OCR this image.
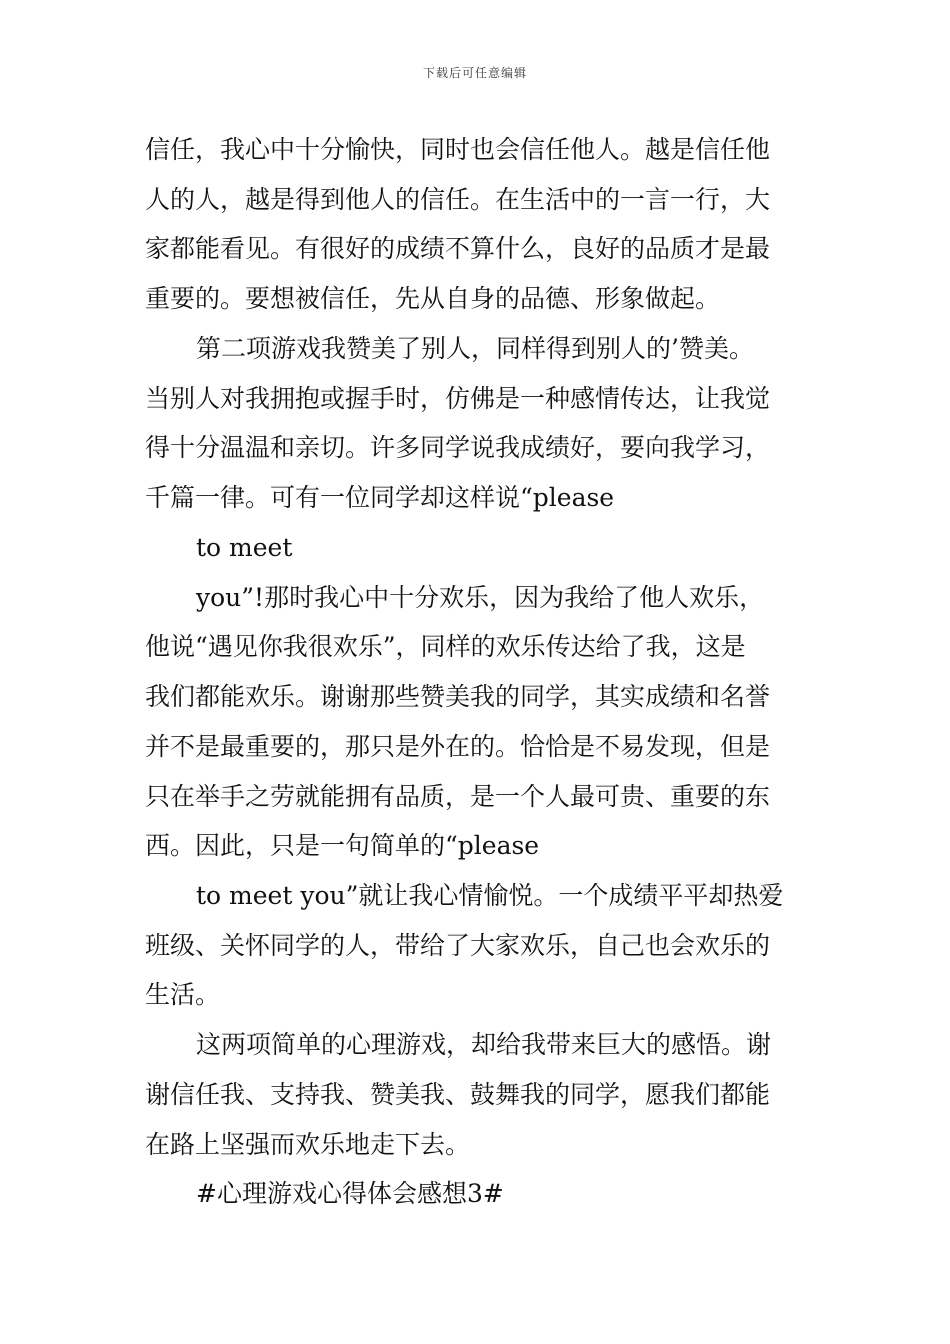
下载后可任意编辑
信任，我心中十分愉快，同时也会信任他人。越是信任他
人的人，越是得到他人的信任。在生活中的一言一行，大
家都能看见。有很好的成绩不算什么，良好的品质才是最
重要的。要想被信任，先从自身的品德、形象做起。
第二项游戏我赞美了别人，同样得到别人的’赞美。
当别人对我拥抱或握手时，仿佛是一种感情传达，让我觉
得十分温温和亲切。许多同学说我成绩好，要向我学习，
千篇一律。可有一位同学却这样说“please
to meet
you”!那时我心中十分欢乐，因为我给了他人欢乐，
他说“遇见你我很欢乐”，同样的欢乐传达给了我，这是
我们都能欢乐。谢谢那些赞美我的同学，其实成绩和名誉
并不是最重要的，那只是外在的。恰恰是不易发现，但是
只在举手之劳就能拥有品质，是一个人最可贵、重要的东
西。因此，只是一句简单的“please
to meet you”就让我心情愉悦。一个成绩平平却热爱
班级、关怀同学的人，带给了大家欢乐，自己也会欢乐的
生活。
这两项简单的心理游戏，却给我带来巨大的感悟。谢
谢信任我、支持我、赞美我、鼓舞我的同学，愿我们都能
在路上坚强而欢乐地走下去。
#心理游戏心得体会感想3#
